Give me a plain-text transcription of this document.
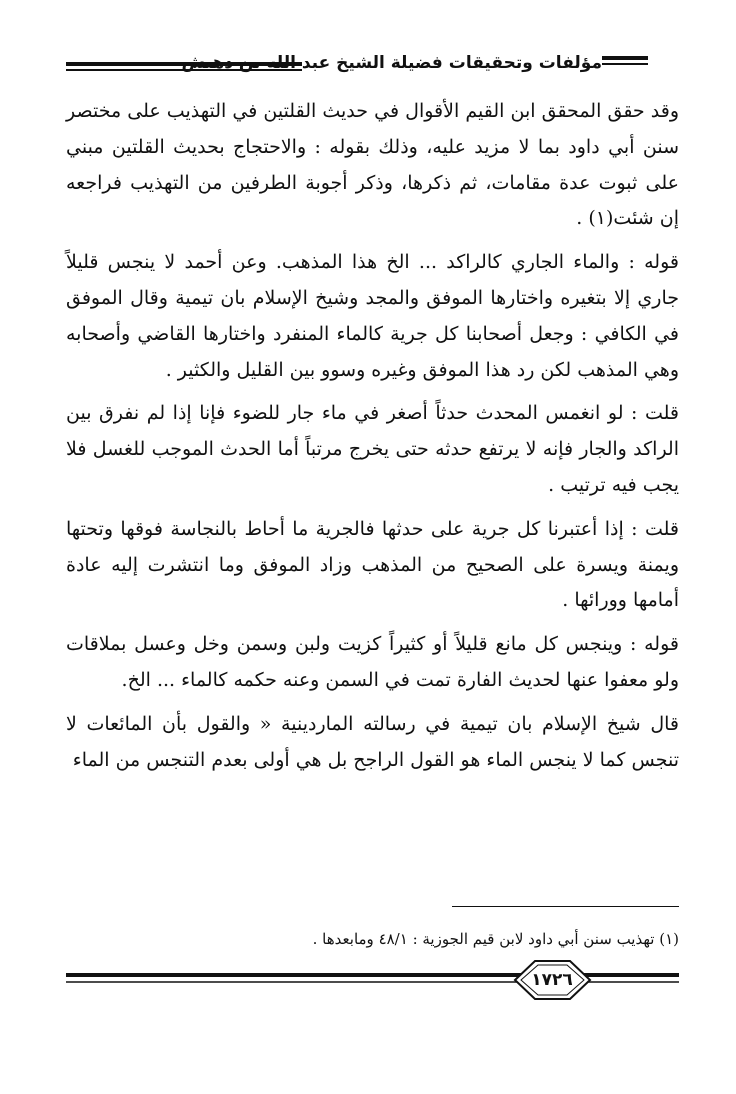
مؤلفات وتحقيقات فضيلة الشيخ عبد الله بن دهيش

وقد حقق المحقق ابن القيم الأقوال في حديث القلتين في التهذيب على مختصر سنن أبي داود بما لا مزيد عليه، وذلك بقوله : والاحتجاج بحديث القلتين مبني على ثبوت عدة مقامات، ثم ذكرها، وذكر أجوبة الطرفين من التهذيب فراجعه إن شئت(١) .

قوله : والماء الجاري كالراكد ... الخ هذا المذهب. وعن أحمد لا ينجس قليلاً جاري إلا بتغيره واختارها الموفق والمجد وشيخ الإسلام بان تيمية وقال الموفق في الكافي : وجعل أصحابنا كل جرية كالماء المنفرد واختارها القاضي وأصحابه وهي المذهب لكن رد هذا الموفق وغيره وسوو بين القليل والكثير .

قلت : لو انغمس المحدث حدثاً أصغر في ماء جار للضوء فإنا إذا لم نفرق بين الراكد والجار فإنه لا يرتفع حدثه حتى يخرج مرتباً أما الحدث الموجب للغسل فلا يجب فيه ترتيب .

قلت : إذا أعتبرنا كل جرية على حدثها فالجرية ما أحاط بالنجاسة فوقها وتحتها ويمنة ويسرة على الصحيح من المذهب وزاد الموفق وما انتشرت إليه عادة أمامها وورائها .

قوله : وينجس كل مانع قليلاً أو كثيراً كزيت ولبن وسمن وخل وعسل بملاقات ولو معفوا عنها لحديث الفارة تمت في السمن وعنه حكمه كالماء ... الخ.

قال شيخ الإسلام بان تيمية في رسالته الماردينية « والقول بأن المائعات لا تنجس كما لا ينجس الماء هو القول الراجح بل هي أولى بعدم التنجس من الماء

(١) تهذيب سنن أبي داود لابن قيم الجوزية : ٤٨/١ ومابعدها .
١٧٢٦
